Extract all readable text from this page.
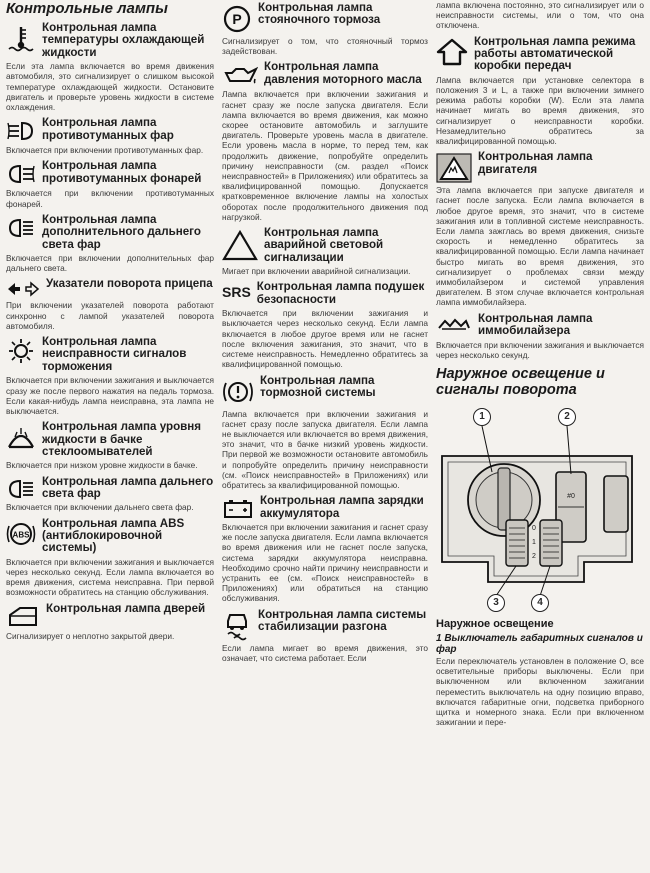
Контрольные лампы
Контрольная лампа температуры охлаждающей жидкости
Если эта лампа включается во время движения автомобиля, это сигнализирует о слишком высокой температуре охлаждающей жидкости. Остановите двигатель и проверьте уровень жидкости в системе охлаждения.
Контрольная лампа противотуманных фар
Включается при включении противотуманных фар.
Контрольная лампа противотуманных фонарей
Включается при включении противотуманных фонарей.
Контрольная лампа дополнительного дальнего света фар
Включается при включении дополнительных фар дальнего света.
Указатели поворота прицепа
При включении указателей поворота работают синхронно с лампой указателей поворота автомобиля.
Контрольная лампа неисправности сигналов торможения
Включается при включении зажигания и выключается сразу же после первого нажатия на педаль тормоза. Если какая-нибудь лампа неисправна, эта лампа не выключается.
Контрольная лампа уровня жидкости в бачке стеклоомывателей
Включается при низком уровне жидкости в бачке.
Контрольная лампа дальнего света фар
Включается при включении дальнего света фар.
ABS
Контрольная лампа ABS (антиблокировочной системы)
Включается при включении зажигания и выключается через несколько секунд. Если лампа включается во время движения, система неисправна. При первой возможности обратитесь на станцию обслуживания.
Контрольная лампа дверей
Сигнализирует о неплотно закрытой двери.
P
Контрольная лампа стояночного тормоза
Сигнализирует о том, что стояночный тормоз задействован.
Контрольная лампа давления моторного масла
Лампа включается при включении зажигания и гаснет сразу же после запуска двигателя. Если лампа включается во время движения, как можно скорее остановите автомобиль и заглушите двигатель. Проверьте уровень масла в двигателе. Если уровень масла в норме, то перед тем, как продолжить движение, попробуйте определить причину неисправности (см. раздел «Поиск неисправностей» в Приложениях) или обратитесь за квалифицированной помощью. Допускается кратковременное включение лампы на холостых оборотах после продолжительного движения под нагрузкой.
Контрольная лампа аварийной световой сигнализации
Мигает при включении аварийной сигнализации.
SRS Контрольная лампа подушек безопасности
Включается при включении зажигания и выключается через несколько секунд. Если лампа включается в любое другое время или не гаснет после включения зажигания, это значит, что в системе неисправность. Немедленно обратитесь за квалифицированной помощью.
Контрольная лампа тормозной системы
Лампа включается при включении зажигания и гаснет сразу после запуска двигателя. Если лампа не выключается или включается во время движения, это значит, что в бачке низкий уровень жидкости. При первой же возможности остановите автомобиль и попробуйте определить причину неисправности (см. «Поиск неисправностей» в Приложениях) или обратитесь за квалифицированной помощью.
Контрольная лампа зарядки аккумулятора
Включается при включении зажигания и гаснет сразу же после запуска двигателя. Если лампа включается во время движения или не гаснет после запуска, система зарядки аккумулятора неисправна. Необходимо срочно найти причину неисправности и устранить ее (см. «Поиск неисправностей» в Приложениях) или обратиться на станцию обслуживания.
Контрольная лампа системы стабилизации разгона
Если лампа мигает во время движения, это означает, что система работает. Если
лампа включена постоянно, это сигнализирует или о неисправности системы, или о том, что она отключена.
Контрольная лампа режима работы автоматической коробки передач
Лампа включается при установке селектора в положения 3 и L, а также при включении зимнего режима работы коробки (W). Если эта лампа начинает мигать во время движения, это сигнализирует о неисправности коробки. Незамедлительно обратитесь за квалифицированной помощью.
Контрольная лампа двигателя
Эта лампа включается при запуске двигателя и гаснет после запуска. Если лампа включается в любое другое время, это значит, что в системе зажигания или в топливной системе неисправность. Если лампа зажглась во время движения, снизьте скорость и немедленно обратитесь за квалифицированной помощью. Если лампа начинает быстро мигать во время движения, это сигнализирует о проблемах связи между иммобилайзером и системой управления двигателем. В этом случае включается контрольная лампа иммобилайзера.
Контрольная лампа иммобилайзера
Включается при включении зажигания и выключается через несколько секунд.
Наружное освещение и сигналы поворота
#0
0
1
2
1	2
3	4
Наружное освещение
1 Выключатель габаритных сигналов и фар
Если переключатель установлен в положение О, все осветительные приборы выключены. Если при выключенном или включенном зажигании переместить выключатель на одну позицию вправо, включатся габаритные огни, подсветка приборного щитка и номерного знака. Если при включенном зажигании и пере-
